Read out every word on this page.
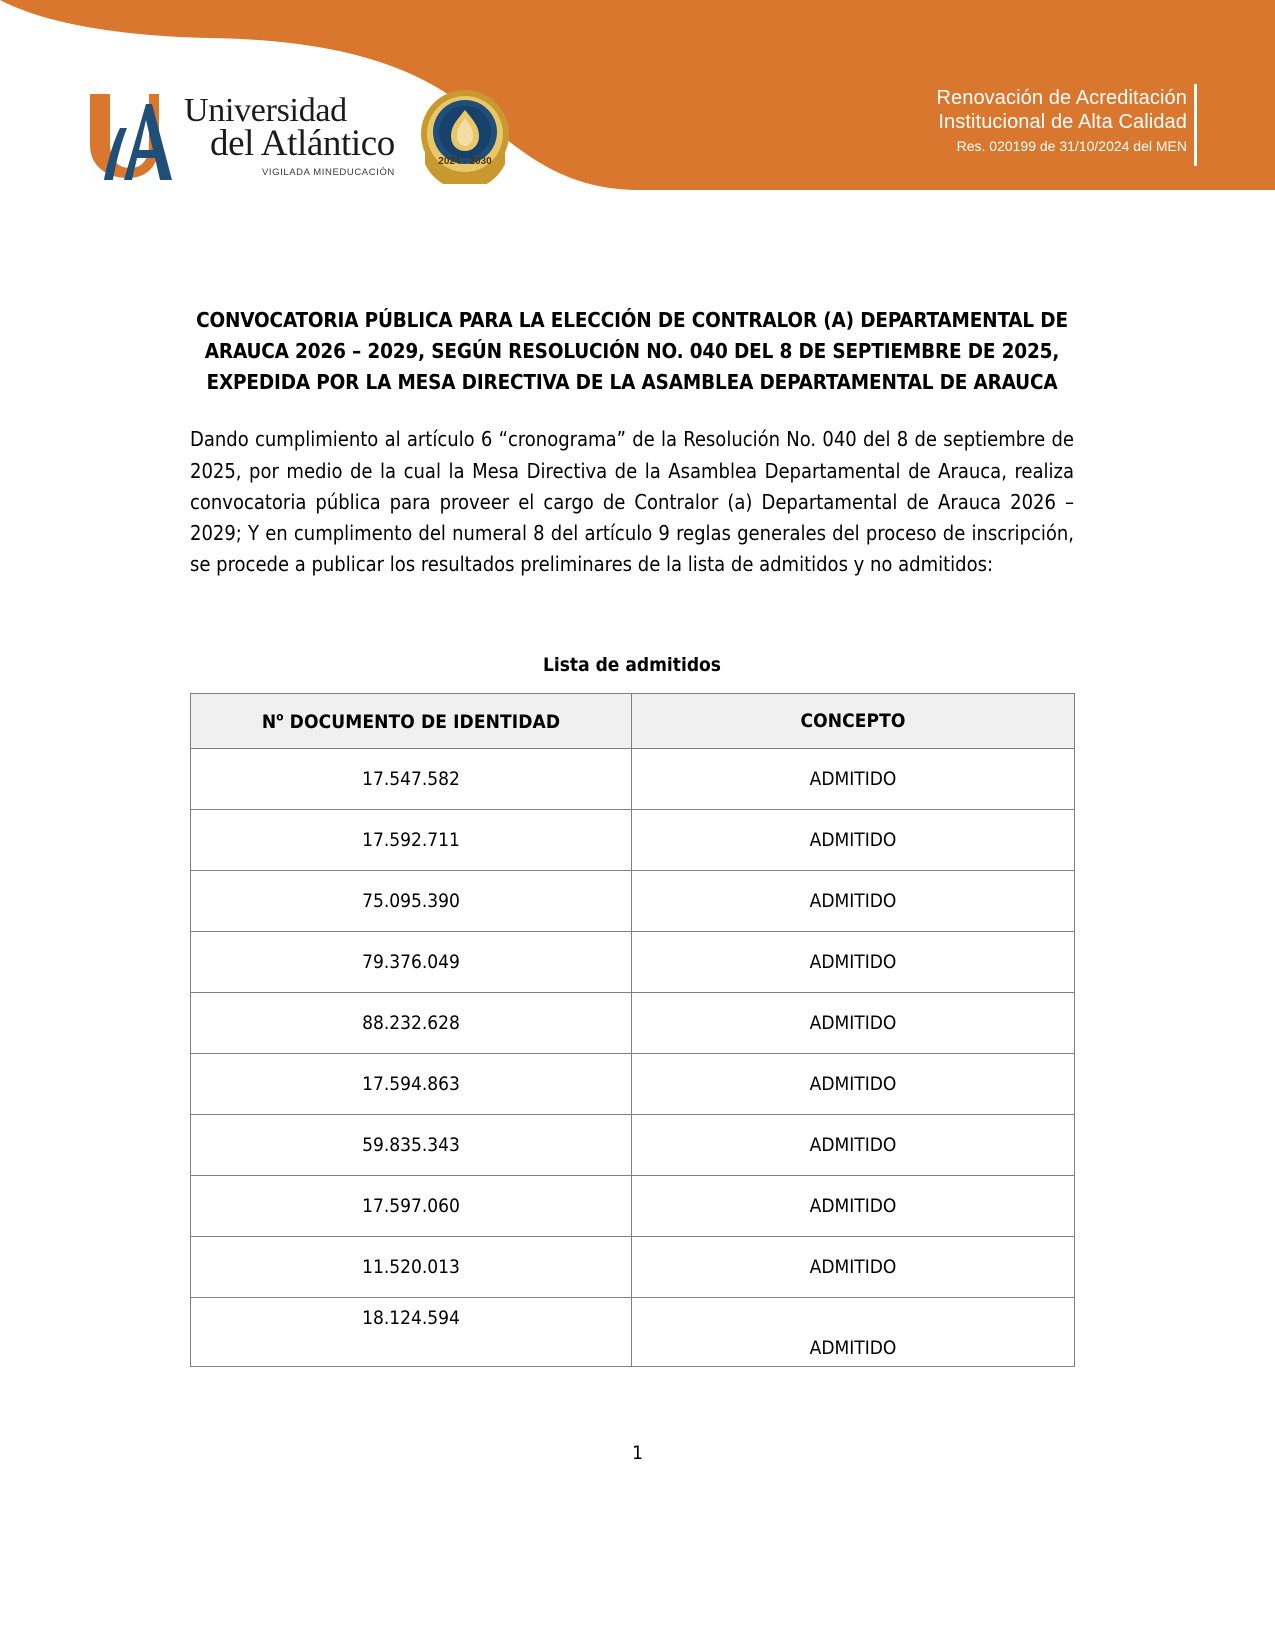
Renovación de Acreditación
Institucional de Alta Calidad
Res. 020199 de 31/10/2024 del MEN
Universidad
del Atlántico
VIGILADA MINEDUCACIÓN
2024 - 2030
CONVOCATORIA PÚBLICA PARA LA ELECCIÓN DE CONTRALOR (A) DEPARTAMENTAL DE ARAUCA 2026 – 2029, SEGÚN RESOLUCIÓN NO. 040 DEL 8 DE SEPTIEMBRE DE 2025, EXPEDIDA POR LA MESA DIRECTIVA DE LA ASAMBLEA DEPARTAMENTAL DE ARAUCA

Dando cumplimiento al artículo 6 “cronograma” de la Resolución No. 040 del 8 de septiembre de 2025, por medio de la cual la Mesa Directiva de la Asamblea Departamental de Arauca, realiza convocatoria pública para proveer el cargo de Contralor (a) Departamental de Arauca 2026 – 2029; Y en cumplimento del numeral 8 del artículo 9 reglas generales del proceso de inscripción, se procede a publicar los resultados preliminares de la lista de admitidos y no admitidos:

Lista de admitidos
$N^o$ DOCUMENTO DE IDENTIDAD	CONCEPTO
17.547.582	ADMITIDO
17.592.711	ADMITIDO
75.095.390	ADMITIDO
79.376.049	ADMITIDO
88.232.628	ADMITIDO
17.594.863	ADMITIDO
59.835.343	ADMITIDO
17.597.060	ADMITIDO
11.520.013	ADMITIDO
18.124.594	ADMITIDO
1
